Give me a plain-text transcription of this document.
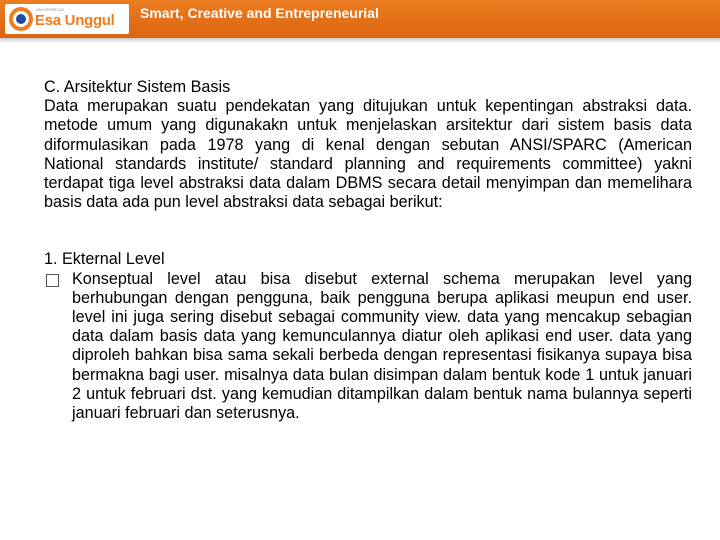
UNIVERSITAS
Esa Unggul Smart, Creative and Entrepreneurial

C. Arsitektur Sistem Basis

Data merupakan suatu pendekatan yang ditujukan untuk kepentingan abstraksi data. metode umum yang digunakakn untuk menjelaskan arsitektur dari sistem basis data diformulasikan pada 1978 yang di kenal dengan sebutan ANSI/SPARC (American National standards institute/ standard planning and requirements committee) yakni terdapat tiga level abstraksi data dalam DBMS secara detail menyimpan dan memelihara basis data ada pun level abstraksi data sebagai berikut:

1. Ekternal Level

Konseptual level atau bisa disebut external schema merupakan level yang berhubungan dengan pengguna, baik pengguna berupa aplikasi meupun end user. level ini juga sering disebut sebagai community view. data yang mencakup sebagian data dalam basis data yang kemunculannya diatur oleh aplikasi end user. data yang diproleh bahkan bisa sama sekali berbeda dengan representasi fisikanya supaya bisa bermakna bagi user. misalnya data bulan disimpan dalam bentuk kode 1 untuk januari 2 untuk februari dst. yang kemudian ditampilkan dalam bentuk nama bulannya seperti januari februari dan seterusnya.
